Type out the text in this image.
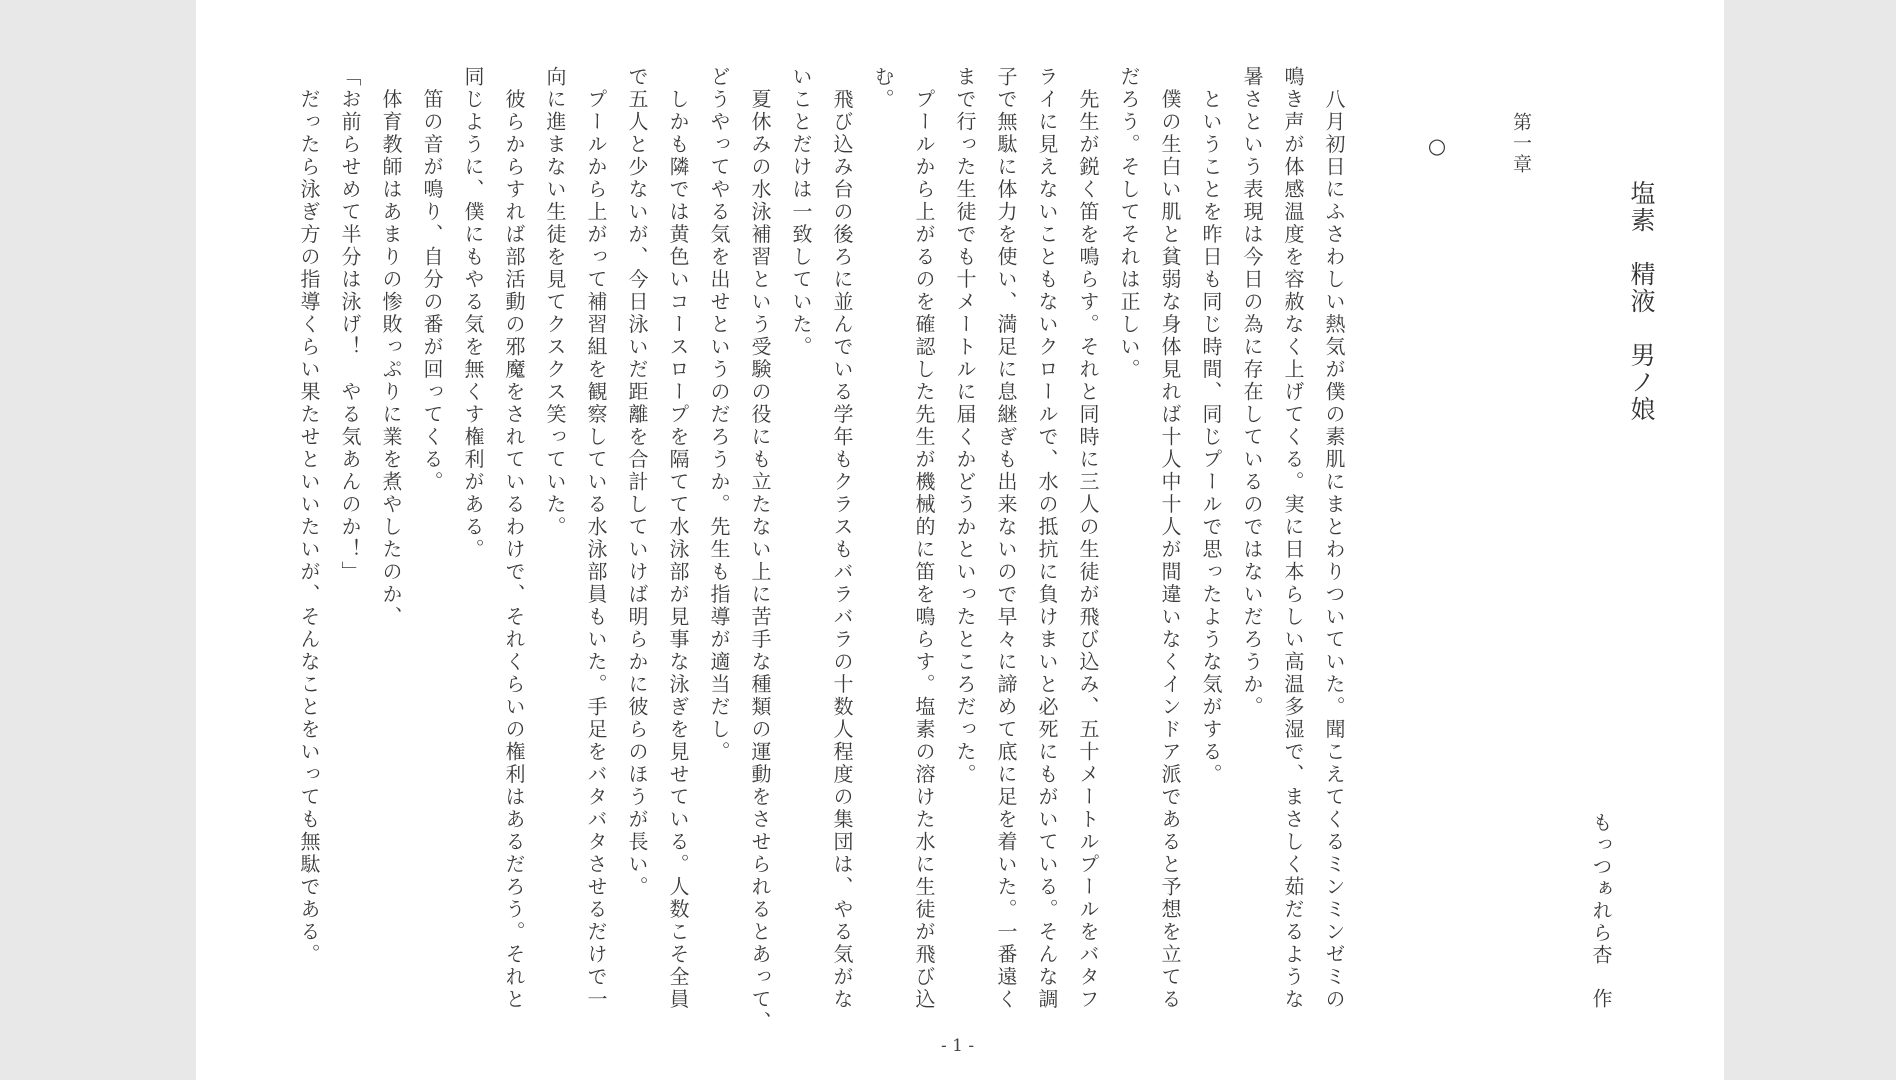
塩素　精液　男ノ娘
もっつぁれら杏　作
第一章
○
　八月初日にふさわしい熱気が僕の素肌にまとわりついていた。聞こえてくるミンミンゼミの
鳴き声が体感温度を容赦なく上げてくる。実に日本らしい高温多湿で、まさしく茹だるような
暑さという表現は今日の為に存在しているのではないだろうか。
　ということを昨日も同じ時間、同じプールで思ったような気がする。
　僕の生白い肌と貧弱な身体見れば十人中十人が間違いなくインドア派であると予想を立てる
だろう。そしてそれは正しい。
　先生が鋭く笛を鳴らす。それと同時に三人の生徒が飛び込み、五十メートルプールをバタフ
ライに見えないこともないクロールで、水の抵抗に負けまいと必死にもがいている。そんな調
子で無駄に体力を使い、満足に息継ぎも出来ないので早々に諦めて底に足を着いた。一番遠く
まで行った生徒でも十メートルに届くかどうかといったところだった。
　プールから上がるのを確認した先生が機械的に笛を鳴らす。塩素の溶けた水に生徒が飛び込
む。
　飛び込み台の後ろに並んでいる学年もクラスもバラバラの十数人程度の集団は、やる気がな
いことだけは一致していた。
　夏休みの水泳補習という受験の役にも立たない上に苦手な種類の運動をさせられるとあって、
どうやってやる気を出せというのだろうか。先生も指導が適当だし。
　しかも隣では黄色いコースロープを隔てて水泳部が見事な泳ぎを見せている。人数こそ全員
で五人と少ないが、今日泳いだ距離を合計していけば明らかに彼らのほうが長い。
　プールから上がって補習組を観察している水泳部員もいた。手足をバタバタさせるだけで一
向に進まない生徒を見てクスクス笑っていた。
　彼らからすれば部活動の邪魔をされているわけで、それくらいの権利はあるだろう。それと
同じように、僕にもやる気を無くす権利がある。
　笛の音が鳴り、自分の番が回ってくる。
　体育教師はあまりの惨敗っぷりに業を煮やしたのか、
「お前らせめて半分は泳げ！　やる気あんのか！」
　だったら泳ぎ方の指導くらい果たせといいたいが、そんなことをいっても無駄である。
- 1 -
